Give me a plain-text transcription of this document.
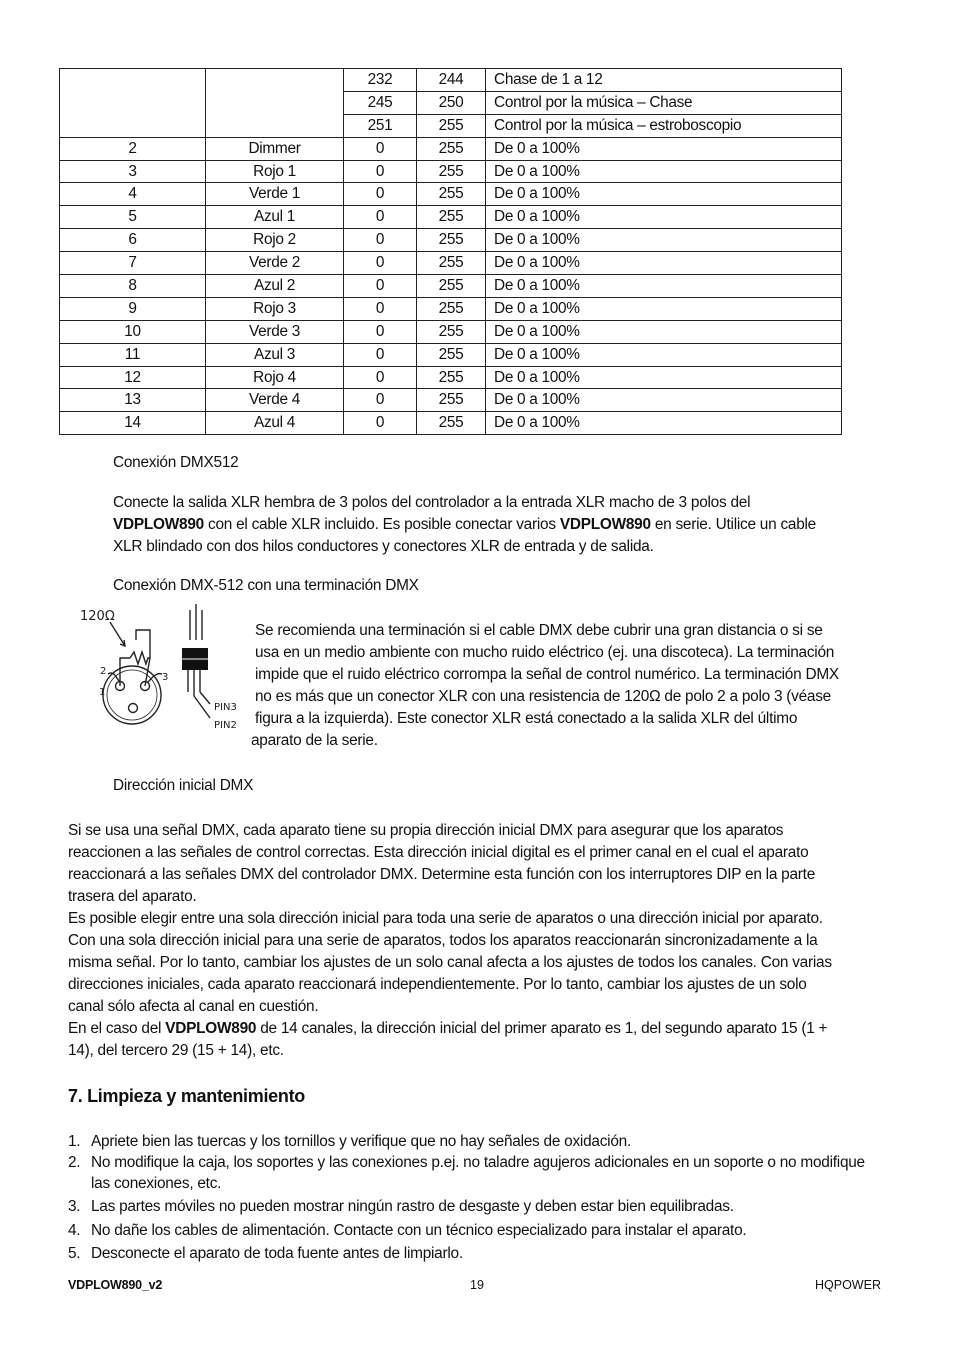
		232	244	Chase de 1 a 12
		245	250	Control por la música – Chase
		251	255	Control por la música – estroboscopio
2	Dimmer	0	255	De 0 a 100%
3	Rojo 1	0	255	De 0 a 100%
4	Verde 1	0	255	De 0 a 100%
5	Azul 1	0	255	De 0 a 100%
6	Rojo 2	0	255	De 0 a 100%
7	Verde 2	0	255	De 0 a 100%
8	Azul 2	0	255	De 0 a 100%
9	Rojo 3	0	255	De 0 a 100%
10	Verde 3	0	255	De 0 a 100%
11	Azul 3	0	255	De 0 a 100%
12	Rojo 4	0	255	De 0 a 100%
13	Verde 4	0	255	De 0 a 100%
14	Azul 4	0	255	De 0 a 100%
Conexión DMX512

Conecte la salida XLR hembra de 3 polos del controlador a la entrada XLR macho de 3 polos del

VDPLOW890 con el cable XLR incluido. Es posible conectar varios VDPLOW890 en serie. Utilice un cable

XLR blindado con dos hilos conductores y conectores XLR de entrada y de salida.

Conexión DMX-512 con una terminación DMX
120Ω
2
1
3
PIN3
PIN2

Se recomienda una terminación si el cable DMX debe cubrir una gran distancia o si se

usa en un medio ambiente con mucho ruido eléctrico (ej. una discoteca). La terminación

impide que el ruido eléctrico corrompa la señal de control numérico. La terminación DMX

no es más que un conector XLR con una resistencia de 120Ω de polo 2 a polo 3 (véase

figura a la izquierda). Este conector XLR está conectado a la salida XLR del último

aparato de la serie.

Dirección inicial DMX

Si se usa una señal DMX, cada aparato tiene su propia dirección inicial DMX para asegurar que los aparatos

reaccionen a las señales de control correctas. Esta dirección inicial digital es el primer canal en el cual el aparato

reaccionará a las señales DMX del controlador DMX. Determine esta función con los interruptores DIP en la parte

trasera del aparato.

Es posible elegir entre una sola dirección inicial para toda una serie de aparatos o una dirección inicial por aparato.

Con una sola dirección inicial para una serie de aparatos, todos los aparatos reaccionarán sincronizadamente a la

misma señal. Por lo tanto, cambiar los ajustes de un solo canal afecta a los ajustes de todos los canales. Con varias

direcciones iniciales, cada aparato reaccionará independientemente. Por lo tanto, cambiar los ajustes de un solo

canal sólo afecta al canal en cuestión.

En el caso del VDPLOW890 de 14 canales, la dirección inicial del primer aparato es 1, del segundo aparato 15 (1 +

14), del tercero 29 (15 + 14), etc.

7. Limpieza y mantenimiento
1. Apriete bien las tuercas y los tornillos y verifique que no hay señales de oxidación.
2. No modifique la caja, los soportes y las conexiones p.ej. no taladre agujeros adicionales en un soporte o no modifique las conexiones, etc.
3. Las partes móviles no pueden mostrar ningún rastro de desgaste y deben estar bien equilibradas.
4. No dañe los cables de alimentación. Contacte con un técnico especializado para instalar el aparato.
5. Desconecte el aparato de toda fuente antes de limpiarlo.
VDPLOW890_v2	19	HQPOWER
